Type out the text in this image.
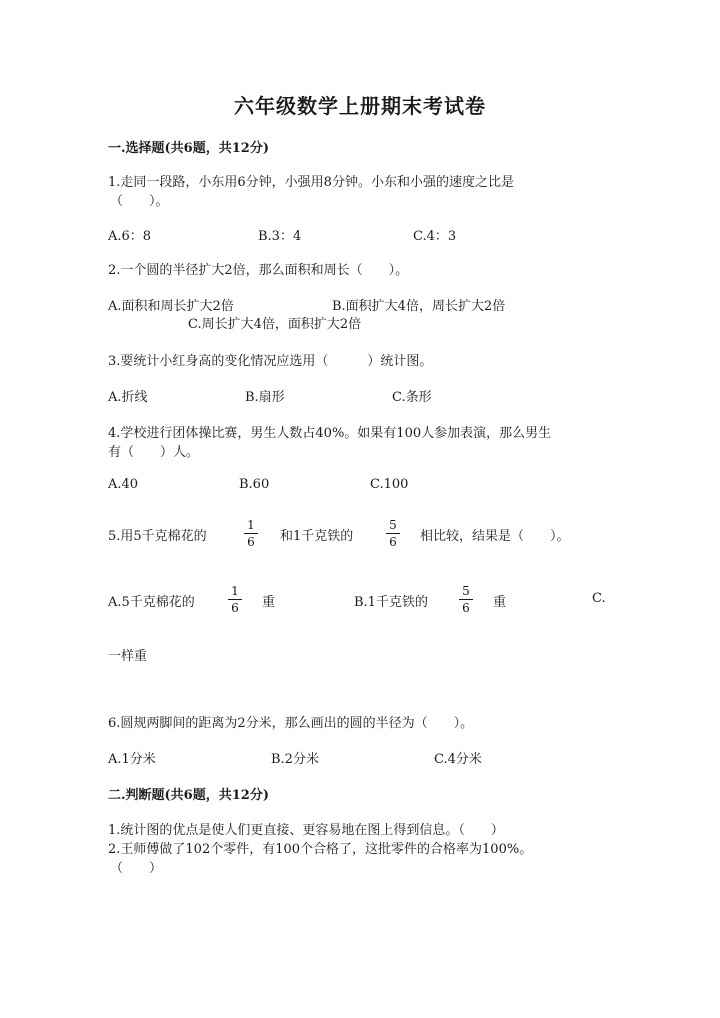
六年级数学上册期末考试卷
一.选择题(共6题，共12分)
1.走同一段路，小东用6分钟，小强用8分钟。小东和小强的速度之比是
（　　）。
A.6：8	B.3：4	C.4：3
2.一个圆的半径扩大2倍，那么面积和周长（　　）。
A.面积和周长扩大2倍	B.面积扩大4倍，周长扩大2倍
C.周长扩大4倍，面积扩大2倍
3.要统计小红身高的变化情况应选用（　　　）统计图。
A.折线	B.扇形	C.条形
4.学校进行团体操比赛，男生人数占40%。如果有100人参加表演，那么男生
有（　　）人。
A.40	B.60	C.100
5.用5千克棉花的
1
6 和1千克铁的
5
6 相比较，结果是（　　）。
A.5千克棉花的
1
6 重	B.1千克铁的
5
6 重	C.
一样重
6.圆规两脚间的距离为2分米，那么画出的圆的半径为（　　）。
A.1分米	B.2分米	C.4分米
二.判断题(共6题，共12分)
1.统计图的优点是使人们更直接、更容易地在图上得到信息。（　　）
2.王师傅做了102个零件，有100个合格了，这批零件的合格率为100%。
（　　）
